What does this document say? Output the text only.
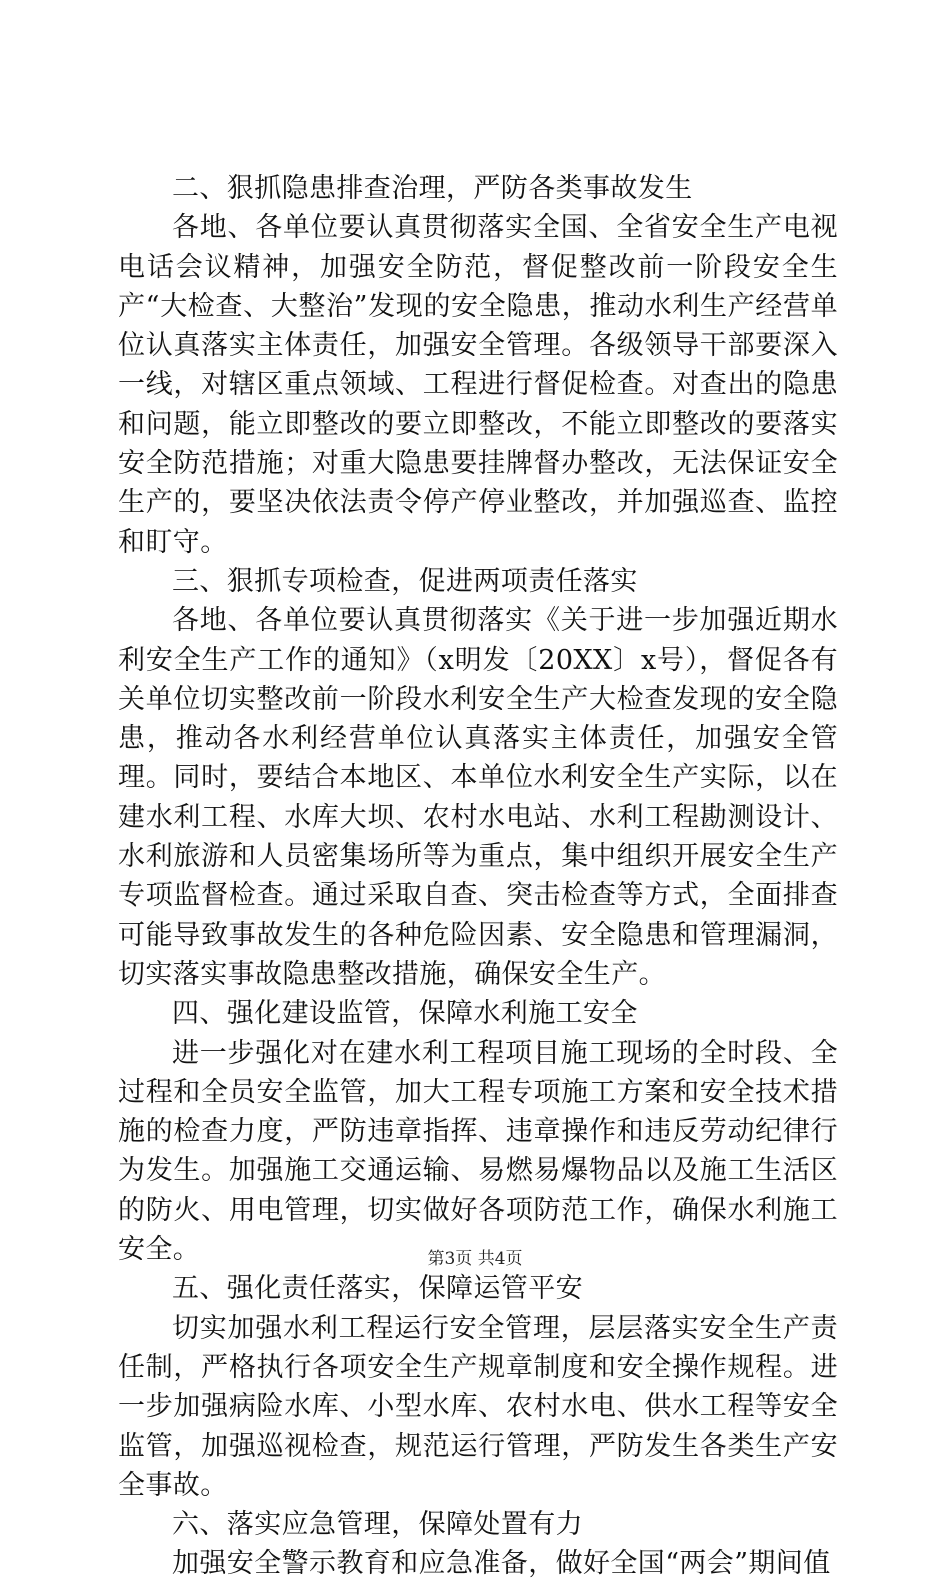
二、狠抓隐患排查治理，严防各类事故发生

各地、各单位要认真贯彻落实全国、全省安全生产电视电话会议精神，加强安全防范，督促整改前一阶段安全生产“大检查、大整治”发现的安全隐患，推动水利生产经营单位认真落实主体责任，加强安全管理。各级领导干部要深入一线，对辖区重点领域、工程进行督促检查。对查出的隐患和问题，能立即整改的要立即整改，不能立即整改的要落实安全防范措施；对重大隐患要挂牌督办整改，无法保证安全生产的，要坚决依法责令停产停业整改，并加强巡查、监控和盯守。

三、狠抓专项检查，促进两项责任落实

各地、各单位要认真贯彻落实《关于进一步加强近期水利安全生产工作的通知》（x明发〔20XX〕x号），督促各有关单位切实整改前一阶段水利安全生产大检查发现的安全隐患，推动各水利经营单位认真落实主体责任，加强安全管理。同时，要结合本地区、本单位水利安全生产实际，以在建水利工程、水库大坝、农村水电站、水利工程勘测设计、水利旅游和人员密集场所等为重点，集中组织开展安全生产专项监督检查。通过采取自查、突击检查等方式，全面排查可能导致事故发生的各种危险因素、安全隐患和管理漏洞，切实落实事故隐患整改措施，确保安全生产。

四、强化建设监管，保障水利施工安全

进一步强化对在建水利工程项目施工现场的全时段、全过程和全员安全监管，加大工程专项施工方案和安全技术措施的检查力度，严防违章指挥、违章操作和违反劳动纪律行为发生。加强施工交通运输、易燃易爆物品以及施工生活区的防火、用电管理，切实做好各项防范工作，确保水利施工安全。

五、强化责任落实，保障运管平安

切实加强水利工程运行安全管理，层层落实安全生产责任制，严格执行各项安全生产规章制度和安全操作规程。进一步加强病险水库、小型水库、农村水电、供水工程等安全监管，加强巡视检查，规范运行管理，严防发生各类生产安全事故。

六、落实应急管理，保障处置有力

加强安全警示教育和应急准备，做好全国“两会”期间值

第3页 共4页
